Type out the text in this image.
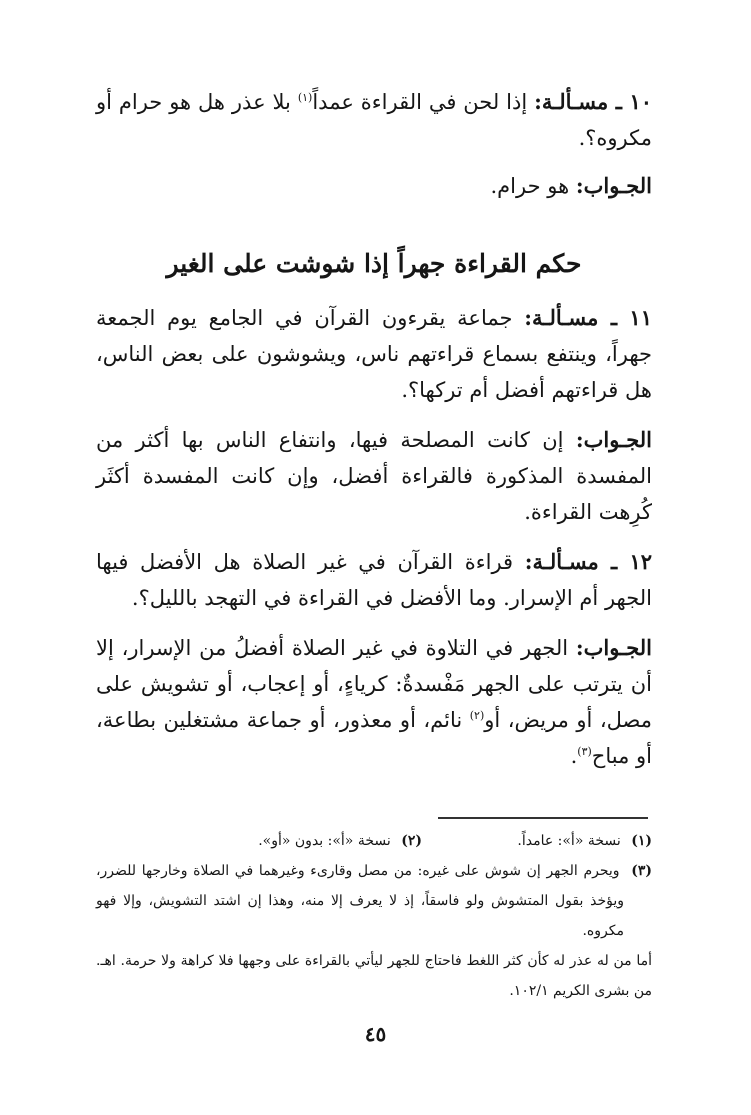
١٠ ـ مسـألـة: إذا لحن في القراءة عمداً$^{(١)}$ بلا عذر هل هو حرام أو مكروه؟.

الجـواب: هو حرام.

حكم القراءة جهراً إذا شوشت على الغير

١١ ـ مسـألـة: جماعة يقرءون القرآن في الجامع يوم الجمعة جهراً، وينتفع بسماع قراءتهم ناس، ويشوشون على بعض الناس، هل قراءتهم أفضل أم تركها؟.

الجـواب: إن كانت المصلحة فيها، وانتفاع الناس بها أكثر من المفسدة المذكورة فالقراءة أفضل، وإن كانت المفسدة أكثَر كُرِهت القراءة.

١٢ ـ مسـألـة: قراءة القرآن في غير الصلاة هل الأفضل فيها الجهر أم الإسرار. وما الأفضل في القراءة في التهجد بالليل؟.

الجـواب: الجهر في التلاوة في غير الصلاة أفضلُ من الإسرار، إلا أن يترتب على الجهر مَفْسدةٌ: كرياءٍ، أو إعجاب، أو تشويش على مصل، أو مريض، أو$^{(٢)}$ نائم، أو معذور، أو جماعة مشتغلين بطاعة، أو مباح$^{(٣)}$.

(١) نسخة «أ»: عامداً.
(٢) نسخة «أ»: بدون «أو».
(٣) ويحرم الجهر إن شوش على غيره: من مصل وقارىء وغيرهما في الصلاة وخارجها للضرر، ويؤخذ بقول المتشوش ولو فاسقاً، إذ لا يعرف إلا منه، وهذا إن اشتد التشويش، وإلا فهو مكروه.
أما من له عذر له كأن كثر اللغط فاحتاج للجهر ليأتي بالقراءة على وجهها فلا كراهة ولا حرمة. اهـ. من بشرى الكريم ١٠٢/١.
٤٥
